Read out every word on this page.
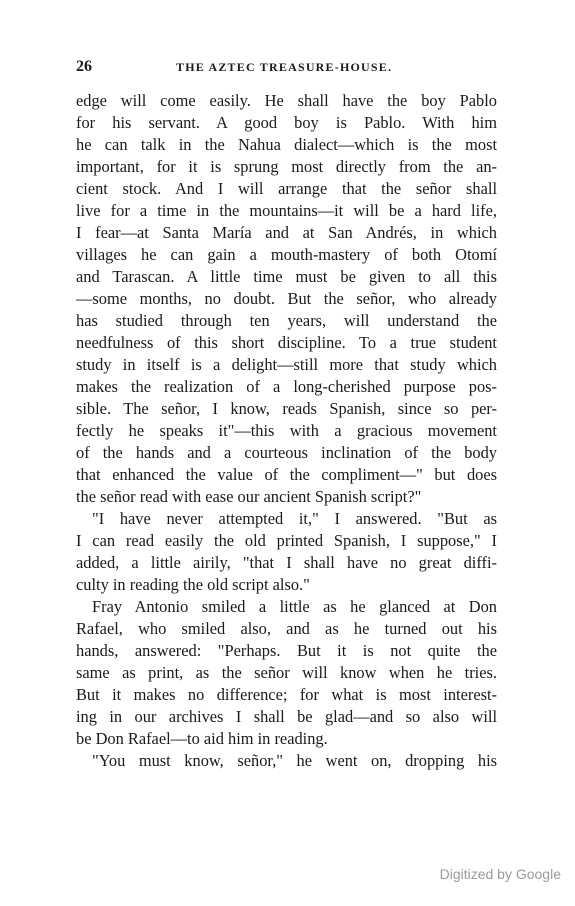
26	THE AZTEC TREASURE-HOUSE.
edge will come easily. He shall have the boy Pablo
for his servant. A good boy is Pablo. With him
he can talk in the Nahua dialect—which is the most
important, for it is sprung most directly from the an-
cient stock. And I will arrange that the señor shall
live for a time in the mountains—it will be a hard life,
I fear—at Santa María and at San Andrés, in which
villages he can gain a mouth-mastery of both Otomí
and Tarascan. A little time must be given to all this
—some months, no doubt. But the señor, who already
has studied through ten years, will understand the
needfulness of this short discipline. To a true student
study in itself is a delight—still more that study which
makes the realization of a long-cherished purpose pos-
sible. The señor, I know, reads Spanish, since so per-
fectly he speaks it"—this with a gracious movement
of the hands and a courteous inclination of the body
that enhanced the value of the compliment—" but does
the señor read with ease our ancient Spanish script?"
"I have never attempted it," I answered. "But as
I can read easily the old printed Spanish, I suppose," I
added, a little airily, "that I shall have no great diffi-
culty in reading the old script also."
Fray Antonio smiled a little as he glanced at Don
Rafael, who smiled also, and as he turned out his
hands, answered: "Perhaps. But it is not quite the
same as print, as the señor will know when he tries.
But it makes no difference; for what is most interest-
ing in our archives I shall be glad—and so also will
be Don Rafael—to aid him in reading.
"You must know, señor," he went on, dropping his
Digitized by Google
